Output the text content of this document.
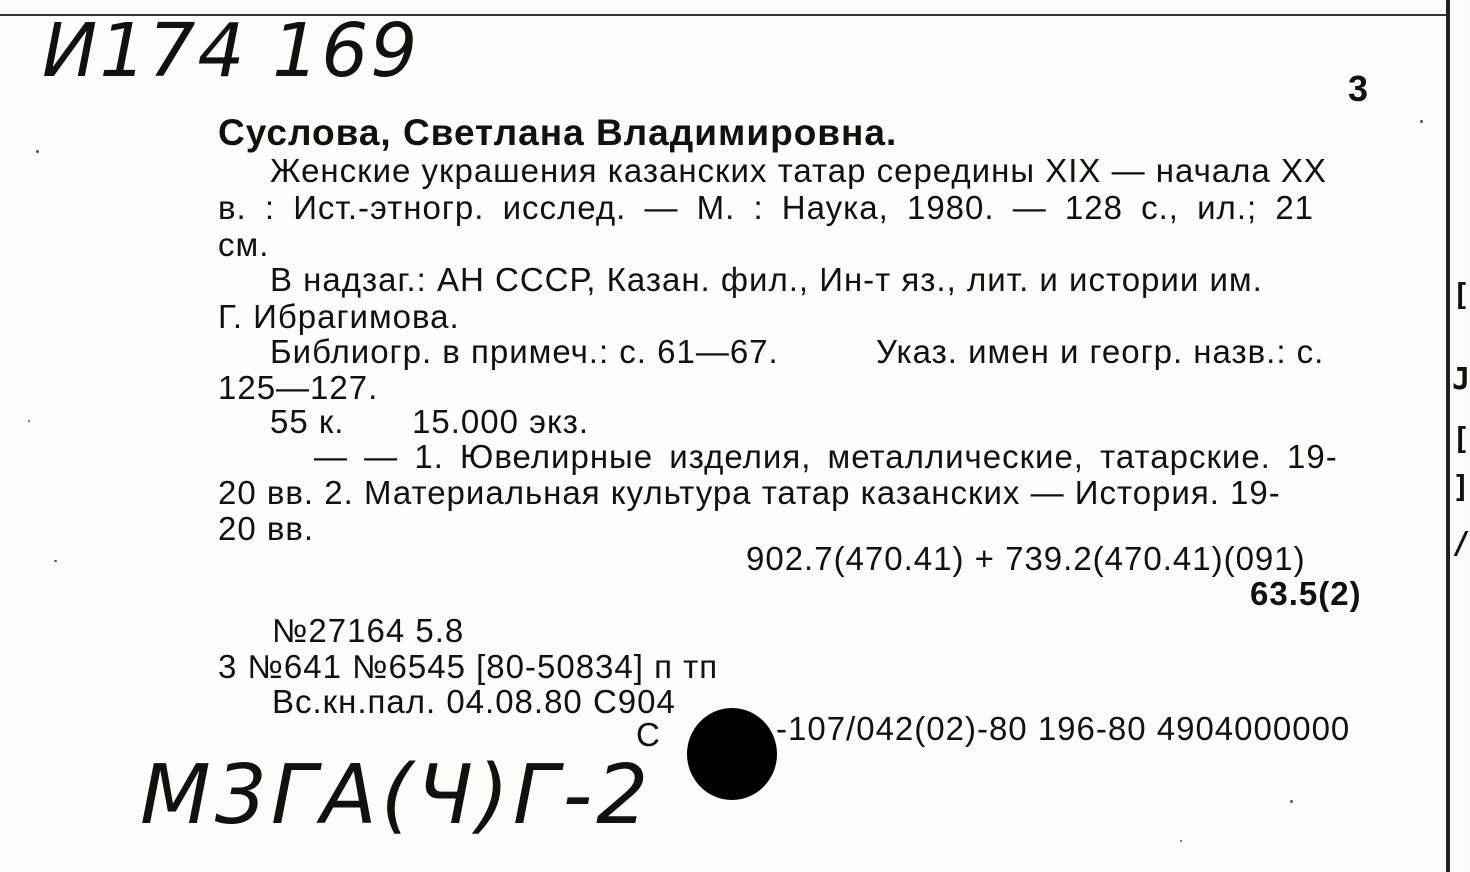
И174 169
М3ГА(Ч)Г-2
3
Суслова, Светлана Владимировна.
Женские украшения казанских татар середины XIX — начала XX
в. : Ист.-этногр. исслед. — М. : Наука, 1980. — 128 с., ил.; 21
см.
В надзаг.: АН СССР, Казан. фил., Ин-т яз., лит. и истории им.
Г. Ибрагимова.
Библиогр. в примеч.: с. 61—67.	Указ. имен и геогр. назв.: с.
125—127.
55 к. 15.000 экз.
— — 1. Ювелирные изделия, металлические, татарские. 19-
20 вв. 2. Материальная культура татар казанских — История. 19-
20 вв.
902.7(470.41) + 739.2(470.41)(091)
63.5(2)
№27164 5.8
3 №641 №6545 [80-50834] п тп
Вс.кн.пал. 04.08.80 С904
С	-107/042(02)-80 196-80 4904000000
[
J
[
]
/
